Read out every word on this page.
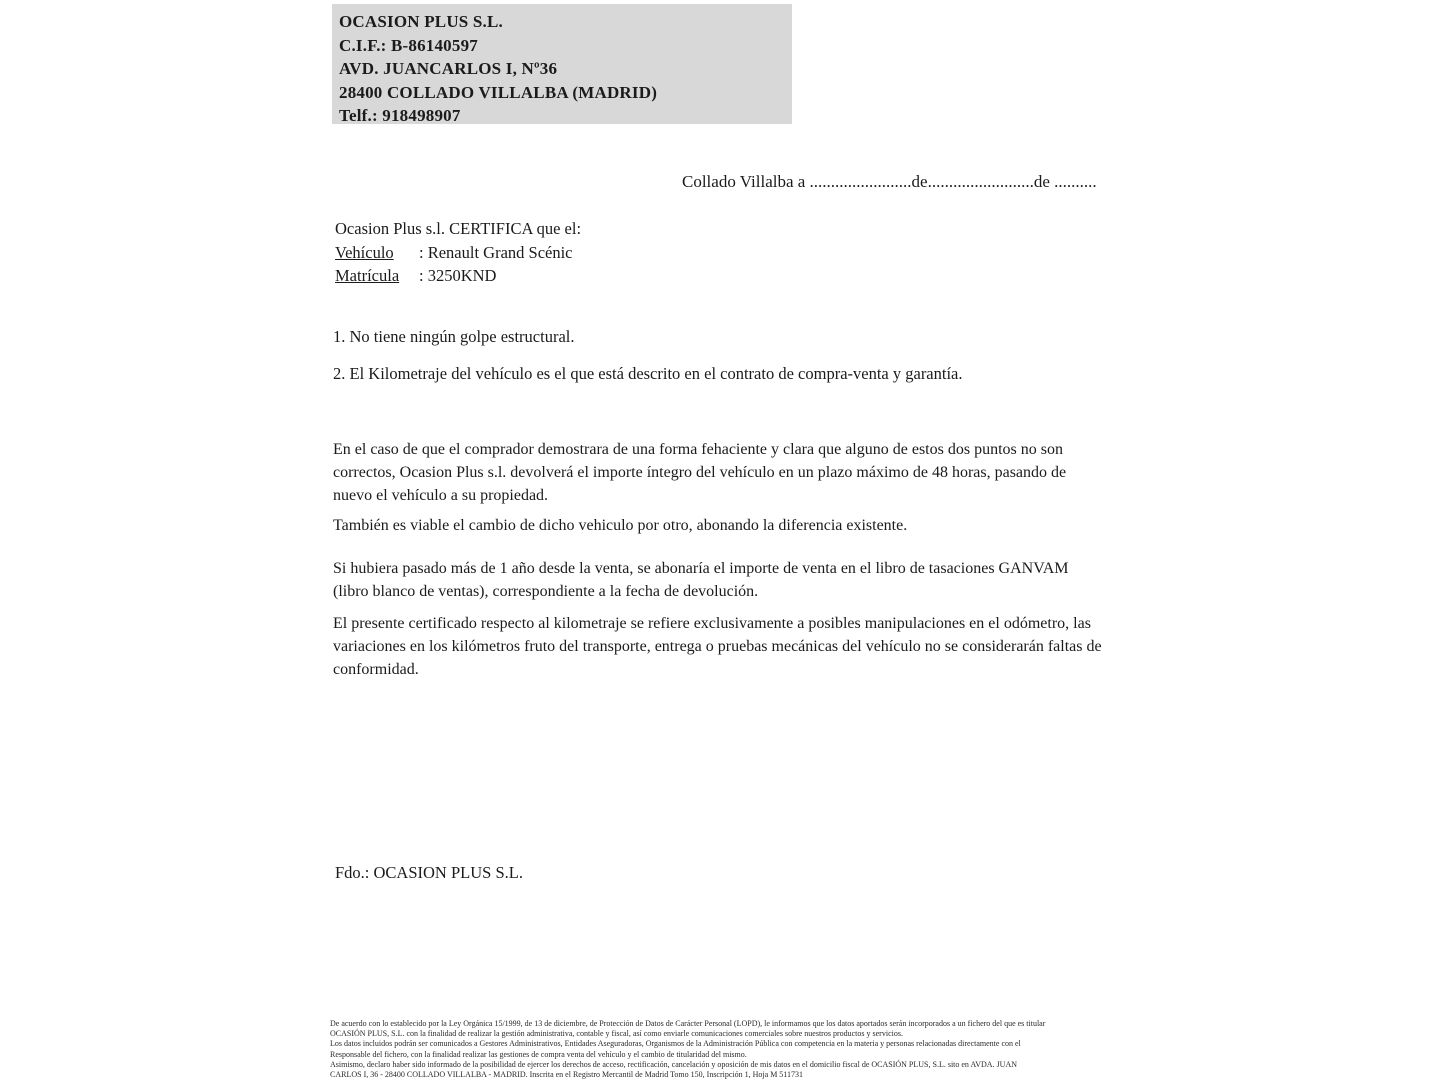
OCASION PLUS S.L.
C.I.F.: B-86140597
AVD. JUANCARLOS I, Nº36
28400 COLLADO VILLALBA (MADRID)
Telf.: 918498907
Collado Villalba a ........................de.........................de ..........
Ocasion Plus s.l. CERTIFICA que el:
Vehículo	: Renault Grand Scénic
Matrícula	: 3250KND
1. No tiene ningún golpe estructural.
2. El Kilometraje del vehículo es el que está descrito en el contrato de compra-venta y garantía.
En el caso de que el comprador demostrara de una forma fehaciente y clara que alguno de estos dos puntos no son correctos, Ocasion Plus s.l. devolverá el importe íntegro del vehículo en un plazo máximo de 48 horas, pasando de nuevo el vehículo a su propiedad.
También es viable el cambio de dicho vehiculo por otro, abonando la diferencia existente.
Si hubiera pasado más de 1 año desde la venta, se abonaría el importe de venta en el libro de tasaciones GANVAM (libro blanco de ventas), correspondiente a la fecha de devolución.
El presente certificado respecto al kilometraje se refiere exclusivamente a posibles manipulaciones en el odómetro, las variaciones en los kilómetros fruto del transporte, entrega o pruebas mecánicas del vehículo no se considerarán faltas de conformidad.
Fdo.: OCASION PLUS S.L.
De acuerdo con lo establecido por la Ley Orgánica 15/1999, de 13 de diciembre, de Protección de Datos de Carácter Personal (LOPD), le informamos que los datos aportados serán incorporados a un fichero del que es titular
OCASIÓN PLUS, S.L. con la finalidad de realizar la gestión administrativa, contable y fiscal, así como enviarle comunicaciones comerciales sobre nuestros productos y servicios.
Los datos incluidos podrán ser comunicados a Gestores Administrativos, Entidades Aseguradoras, Organismos de la Administración Pública con competencia en la materia y personas relacionadas directamente con el
Responsable del fichero, con la finalidad realizar las gestiones de compra venta del vehículo y el cambio de titularidad del mismo.
Asimismo, declaro haber sido informado de la posibilidad de ejercer los derechos de acceso, rectificación, cancelación y oposición de mis datos en el domicilio fiscal de OCASIÓN PLUS, S.L. sito en AVDA. JUAN
CARLOS I, 36 - 28400 COLLADO VILLALBA - MADRID. Inscrita en el Registro Mercantil de Madrid Tomo 150, Inscripción 1, Hoja M 511731
